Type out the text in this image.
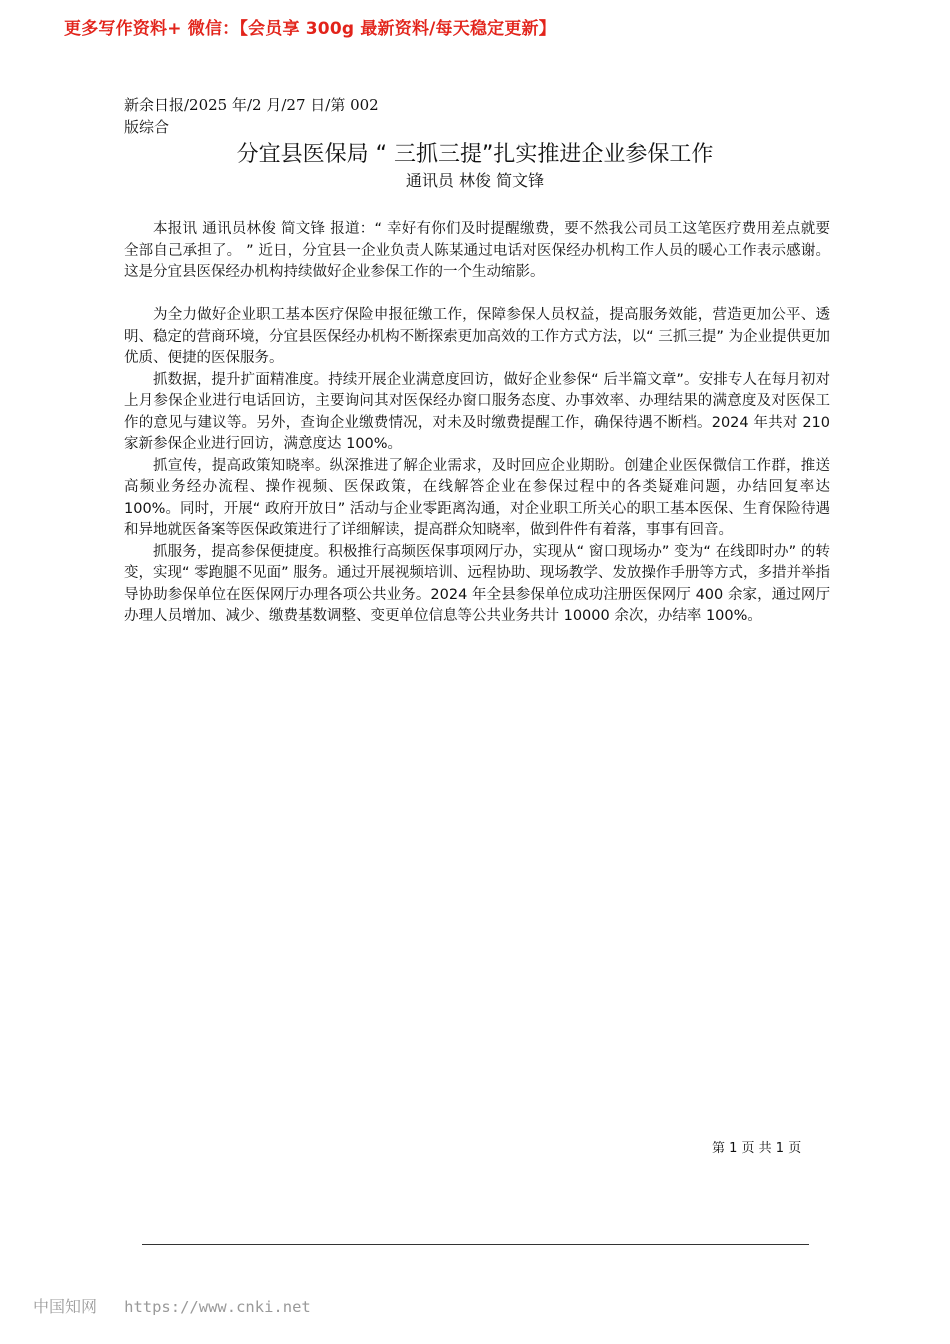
更多写作资料+ 微信：【会员享 300g 最新资料/每天稳定更新】
新余日报/2025 年/2 月/27 日/第 002 版综合
分宜县医保局 “ 三抓三提”扎实推进企业参保工作
通讯员 林俊 简文锋

本报讯 通讯员林俊 简文锋 报道：“ 幸好有你们及时提醒缴费，要不然我公司员工这笔医疗费用差点就要全部自己承担了。 ” 近日，分宜县一企业负责人陈某通过电话对医保经办机构工作人员的暖心工作表示感谢。这是分宜县医保经办机构持续做好企业参保工作的一个生动缩影。

为全力做好企业职工基本医疗保险申报征缴工作，保障参保人员权益，提高服务效能，营造更加公平、透明、稳定的营商环境，分宜县医保经办机构不断探索更加高效的工作方式方法，以“ 三抓三提” 为企业提供更加优质、便捷的医保服务。

抓数据，提升扩面精准度。持续开展企业满意度回访，做好企业参保“ 后半篇文章”。安排专人在每月初对上月参保企业进行电话回访，主要询问其对医保经办窗口服务态度、办事效率、办理结果的满意度及对医保工作的意见与建议等。另外，查询企业缴费情况，对未及时缴费提醒工作，确保待遇不断档。2024 年共对 210 家新参保企业进行回访，满意度达 100%。

抓宣传，提高政策知晓率。纵深推进了解企业需求，及时回应企业期盼。创建企业医保微信工作群，推送高频业务经办流程、操作视频、医保政策，在线解答企业在参保过程中的各类疑难问题，办结回复率达 100%。同时，开展“ 政府开放日” 活动与企业零距离沟通，对企业职工所关心的职工基本医保、生育保险待遇和异地就医备案等医保政策进行了详细解读，提高群众知晓率，做到件件有着落，事事有回音。

抓服务，提高参保便捷度。积极推行高频医保事项网厅办，实现从“ 窗口现场办” 变为“ 在线即时办” 的转变，实现“ 零跑腿不见面” 服务。通过开展视频培训、远程协助、现场教学、发放操作手册等方式，多措并举指导协助参保单位在医保网厅办理各项公共业务。2024 年全县参保单位成功注册医保网厅 400 余家，通过网厅办理人员增加、减少、缴费基数调整、变更单位信息等公共业务共计 10000 余次，办结率 100%。

第 1 页 共 1 页
中国知网 https://www.cnki.net
